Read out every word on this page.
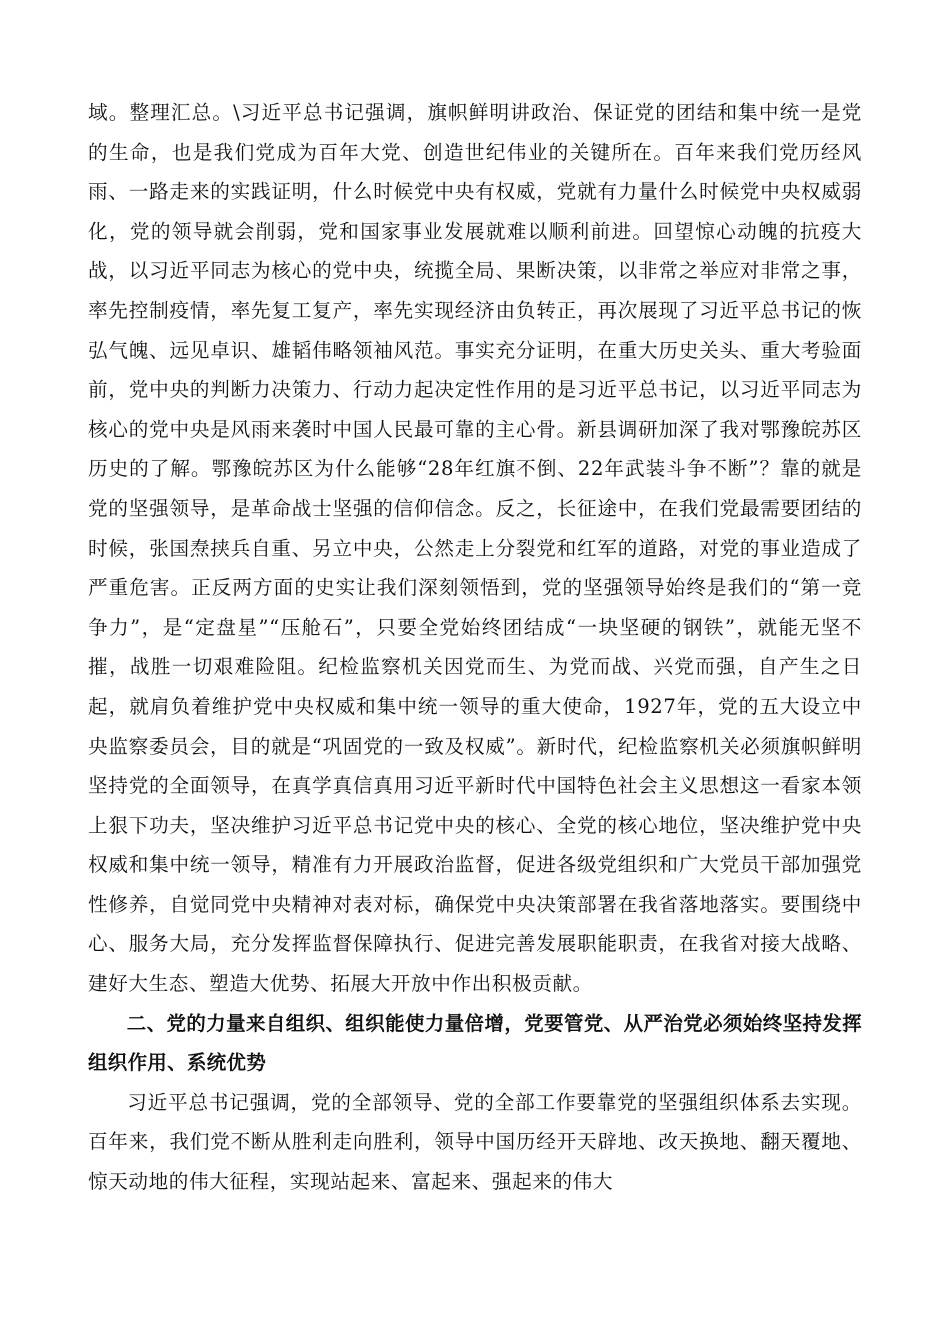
域。整理汇总。\习近平总书记强调，旗帜鲜明讲政治、保证党的团结和集中统一是党的生命，也是我们党成为百年大党、创造世纪伟业的关键所在。百年来我们党历经风雨、一路走来的实践证明，什么时候党中央有权威，党就有力量什么时候党中央权威弱化，党的领导就会削弱，党和国家事业发展就难以顺利前进。回望惊心动魄的抗疫大战，以习近平同志为核心的党中央，统揽全局、果断决策，以非常之举应对非常之事，率先控制疫情，率先复工复产，率先实现经济由负转正，再次展现了习近平总书记的恢弘气魄、远见卓识、雄韬伟略领袖风范。事实充分证明，在重大历史关头、重大考验面前，党中央的判断力决策力、行动力起决定性作用的是习近平总书记，以习近平同志为核心的党中央是风雨来袭时中国人民最可靠的主心骨。新县调研加深了我对鄂豫皖苏区历史的了解。鄂豫皖苏区为什么能够“28年红旗不倒、22年武装斗争不断”？靠的就是党的坚强领导，是革命战士坚强的信仰信念。反之，长征途中，在我们党最需要团结的时候，张国焘挟兵自重、另立中央，公然走上分裂党和红军的道路，对党的事业造成了严重危害。正反两方面的史实让我们深刻领悟到，党的坚强领导始终是我们的“第一竞争力”，是“定盘星”“压舱石”，只要全党始终团结成“一块坚硬的钢铁”，就能无坚不摧，战胜一切艰难险阻。纪检监察机关因党而生、为党而战、兴党而强，自产生之日起，就肩负着维护党中央权威和集中统一领导的重大使命，1927年，党的五大设立中央监察委员会，目的就是“巩固党的一致及权威”。新时代，纪检监察机关必须旗帜鲜明坚持党的全面领导，在真学真信真用习近平新时代中国特色社会主义思想这一看家本领上狠下功夫，坚决维护习近平总书记党中央的核心、全党的核心地位，坚决维护党中央权威和集中统一领导，精准有力开展政治监督，促进各级党组织和广大党员干部加强党性修养，自觉同党中央精神对表对标，确保党中央决策部署在我省落地落实。要围绕中心、服务大局，充分发挥监督保障执行、促进完善发展职能职责，在我省对接大战略、建好大生态、塑造大优势、拓展大开放中作出积极贡献。

二、党的力量来自组织、组织能使力量倍增，党要管党、从严治党必须始终坚持发挥组织作用、系统优势

习近平总书记强调，党的全部领导、党的全部工作要靠党的坚强组织体系去实现。百年来，我们党不断从胜利走向胜利，领导中国历经开天辟地、改天换地、翻天覆地、惊天动地的伟大征程，实现站起来、富起来、强起来的伟大
